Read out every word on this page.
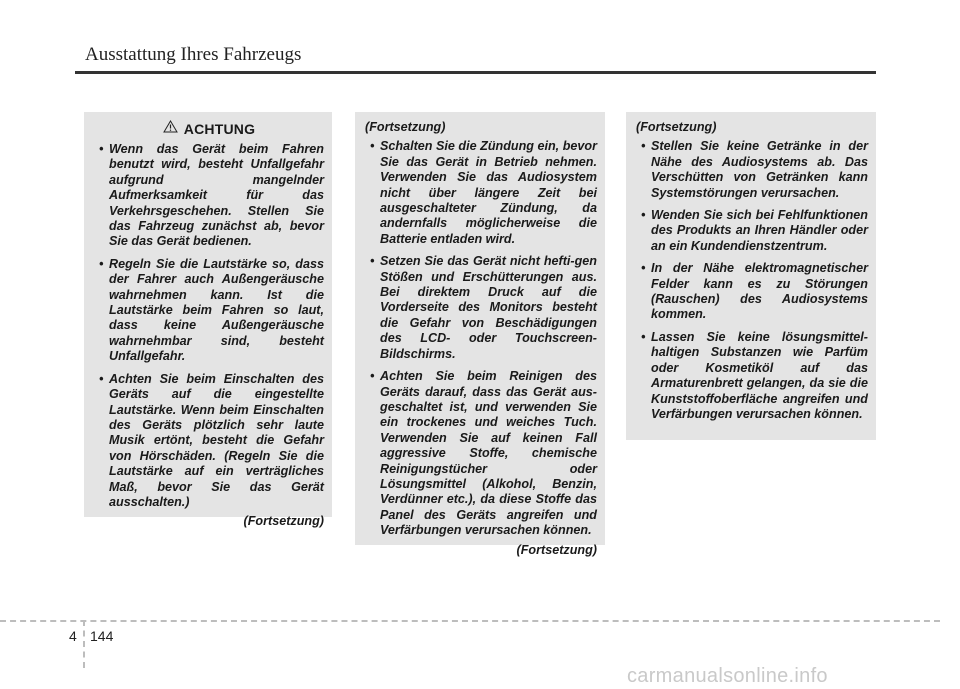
Ausstattung Ihres Fahrzeugs
ACHTUNG
• Wenn das Gerät beim Fahren benutzt wird, besteht Unfallgefahr aufgrund mangelnder Aufmerksamkeit für das Verkehrsgeschehen. Stellen Sie das Fahrzeug zunächst ab, bevor Sie das Gerät bedienen.
• Regeln Sie die Lautstärke so, dass der Fahrer auch Außengeräusche wahrnehmen kann. Ist die Lautstärke beim Fahren so laut, dass keine Außengeräusche wahrnehmbar sind, besteht Unfallgefahr.
• Achten Sie beim Einschalten des Geräts auf die eingestellte Lautstärke. Wenn beim Einschalten des Geräts plötzlich sehr laute Musik ertönt, besteht die Gefahr von Hörschäden. (Regeln Sie die Lautstärke auf ein verträgliches Maß, bevor Sie das Gerät ausschalten.)

(Fortsetzung)

(Fortsetzung)

• Schalten Sie die Zündung ein, bevor Sie das Gerät in Betrieb nehmen. Verwenden Sie das Audiosystem nicht über längere Zeit bei ausgeschalteter Zündung, da andernfalls möglicherweise die Batterie entladen wird.
• Setzen Sie das Gerät nicht hefti-gen Stößen und Erschütterungen aus. Bei direktem Druck auf die Vorderseite des Monitors besteht die Gefahr von Beschädigungen des LCD- oder Touchscreen-Bildschirms.
• Achten Sie beim Reinigen des Geräts darauf, dass das Gerät aus-geschaltet ist, und verwenden Sie ein trockenes und weiches Tuch. Verwenden Sie auf keinen Fall aggressive Stoffe, chemische Reinigungstücher oder Lösungsmittel (Alkohol, Benzin, Verdünner etc.), da diese Stoffe das Panel des Geräts angreifen und Verfärbungen verursachen können.

(Fortsetzung)

(Fortsetzung)

• Stellen Sie keine Getränke in der Nähe des Audiosystems ab. Das Verschütten von Getränken kann Systemstörungen verursachen.
• Wenden Sie sich bei Fehlfunktionen des Produkts an Ihren Händler oder an ein Kundendienstzentrum.
• In der Nähe elektromagnetischer Felder kann es zu Störungen (Rauschen) des Audiosystems kommen.
• Lassen Sie keine lösungsmittel-haltigen Substanzen wie Parfüm oder Kosmetiköl auf das Armaturenbrett gelangen, da sie die Kunststoffoberfläche angreifen und Verfärbungen verursachen können.
4 144
carmanualsonline.info
